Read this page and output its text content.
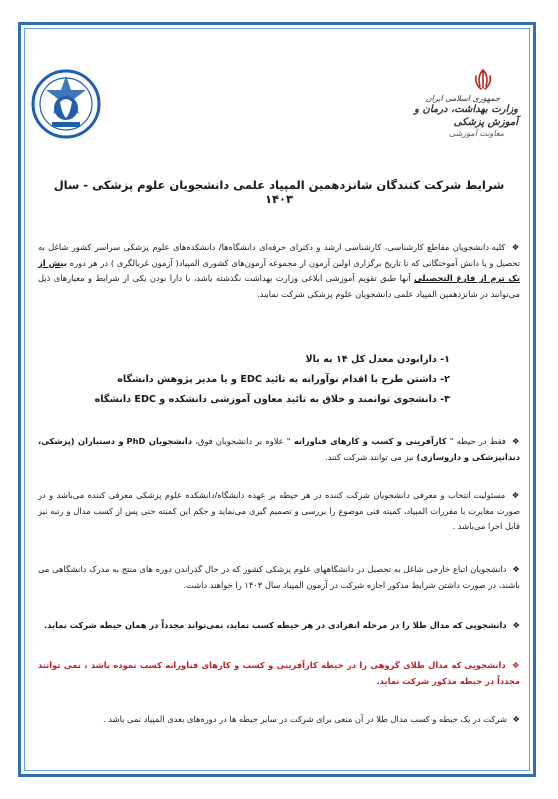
جمهوری اسلامی ایران
وزارت بهداشت، درمان و آموزش پزشکی
معاونت آموزشی
شرایط شرکت کنندگان شانزدهمین المپیاد علمی دانشجویان علوم پزشکی - سال ۱۴۰۳

❖ کلیه دانشجویان مقاطع کارشناسی، کارشناسی ارشد و دکترای حرفه‌ای دانشگاه‌ها/ دانشکده‌های علوم پزشکی سراسر کشور شاغل به تحصیل و یا دانش آموختگانی که تا تاریخ برگزاری اولین آزمون از مجموعه آزمون‌های کشوری المپیاد( آزمون غربالگری ) در هر دوره بیش از یک ترم از فارغ التحصیلی آنها طبق تقویم آموزشی ابلاغی وزارت بهداشت نگذشته باشد، با دارا بودن یکی از شرایط و معیارهای ذیل می‌توانند در شانزدهمین المپیاد علمی دانشجویان علوم پزشکی شرکت نمایند.

۱- دارابودن معدل کل ۱۴ به بالا
۲- داشتن طرح با اقدام نوآورانه به تائید EDC و یا مدیر پژوهش دانشگاه
۳- دانشجوی توانمند و خلاق به تائید معاون آموزشی دانشکده و EDC دانشگاه

❖ فقط در حیطه " کارآفرینی و کسب و کارهای فناورانه " علاوه بر دانشجویان فوق، دانشجویان PhD و دستیاران (پزشکی، دندانپزشکی و داروسازی) نیز می توانند شرکت کنند.

❖ مسئولیت انتخاب و معرفی دانشجویان شرکت کننده در هر حیطه بر عهده دانشگاه/دانشکده علوم پزشکی معرفی کننده می‌باشد و در صورت مغایرت با مقررات المپیاد، کمیته فنی موضوع را بررسی و تصمیم گیری می‌نماید و حکم این کمیته حتی پس از کسب مدال و رتبه نیز قابل اجرا می‌باشد .

❖ دانشجویان اتباع خارجی شاغل به تحصیل در دانشگاههای علوم پزشکی کشور که در حال گذراندن دوره های منتج به مدرک دانشگاهی می باشند، در صورت داشتن شرایط مذکور اجازه شرکت در آزمون المپیاد سال ۱۴۰۳ را خواهند داشت.

❖ دانشجویی که مدال طلا را در مرحله انفرادی در هر حیطه کسب نماید، نمی‌تواند مجدداً در همان حیطه شرکت نماید.

❖ دانشجویی که مدال طلای گروهی را در حیطه کارآفرینی و کسب و کارهای فناورانه کسب نموده باشد ، نمی توانند مجدداً در حیطه مذکور شرکت نماید.

❖ شرکت در یک حیطه و کسب مدال طلا در آن منعی برای شرکت در سایر حیطه ها در دوره‌های بعدی المپیاد نمی باشد .
